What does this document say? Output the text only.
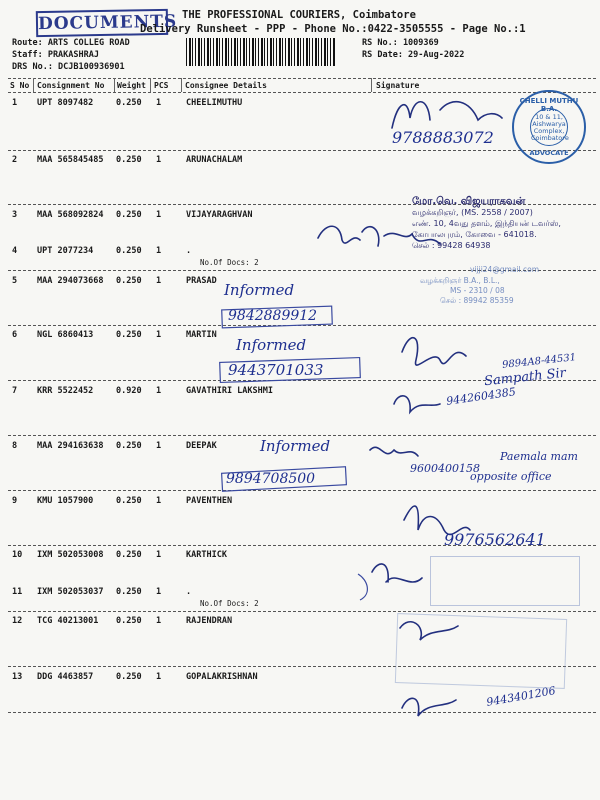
DOCUMENTS THE PROFESSIONAL COURIERS, Coimbatore
Delivery Runsheet - PPP - Phone No.:0422-3505555 - Page No.:1
Route: ARTS COLLEG ROAD
Staff: PRAKASHRAJ
DRS No.: DCJB100936901
RS No.: 1009369
RS Date: 29-Aug-2022
S No Consignment No Weight PCS Consignee Details	Signature
1 UPT 8097482	0.250 1	CHEELIMUTHU
2 MAA 565845485 0.250 1	ARUNACHALAM
3 MAA 568092824 0.250 1	VIJAYARAGHVAN
4 UPT 2077234	0.250 1	.
No.Of Docs: 2
5 MAA 294073668 0.250 1	PRASAD
6 NGL 6860413	0.250 1	MARTIN
7 KRR 5522452	0.920 1	GAVATHIRI LAKSHMI
8 MAA 294163638 0.250 1	DEEPAK
9 KMU 1057900	0.250 1	PAVENTHEN
10 IXM 502053008 0.250 1	KARTHICK
11 IXM 502053037 0.250 1	.
No.Of Docs: 2
12 TCG 40213001 0.250 1	RAJENDRAN
13 DDG 4463857	0.250 1	GOPALAKRISHNAN
9788883072
Informed
9842889912
Informed
9443701033	9894A8-44531
Sampath Sir
9442604385
Informed
9894708500
9600400158
Paemala mam
opposite office
9976562641
9443401206
CHELLI MUTHU B.A.
10 & 11, Aishwarya Complex, Coimbatore
ADVOCATE
மோ.வெ. விஜயராகவன்
வழக்கறிஞர், (MS. 2558 / 2007)
எண். 10, 4வது தளம், இந்தியன் டவர்ஸ்,
கோபாலபுரம், கோவை - 641018.
செல் : 99428 64938
vijji24@gmail.com
வழக்கறிஞர் B.A., B.L.,
MS - 2310 / 08
செல் : 89942 85359
